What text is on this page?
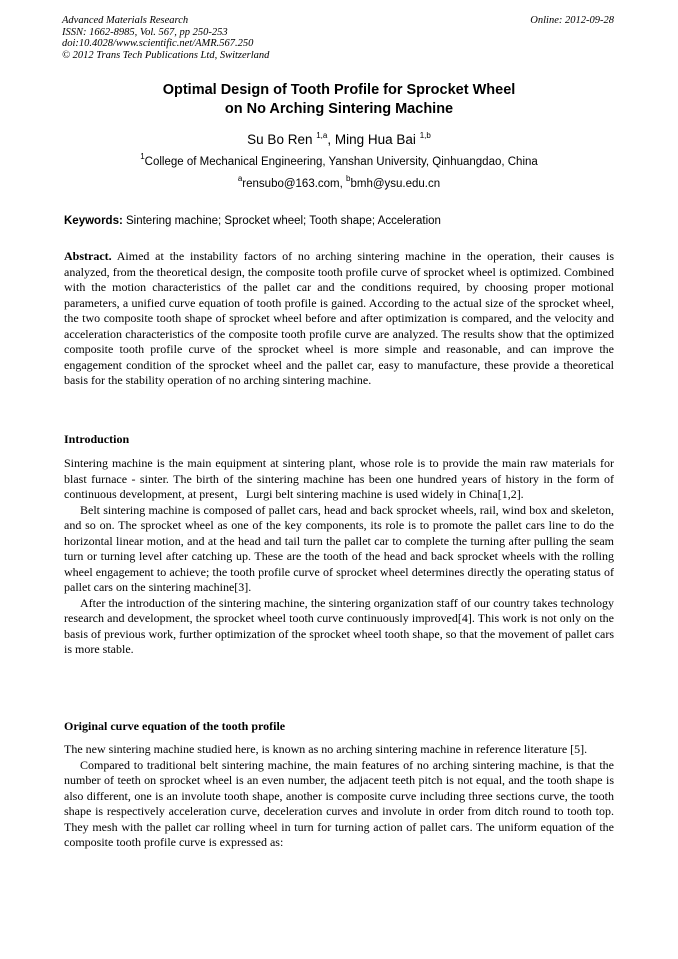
Advanced Materials Research
ISSN: 1662-8985, Vol. 567, pp 250-253
doi:10.4028/www.scientific.net/AMR.567.250
© 2012 Trans Tech Publications Ltd, Switzerland
Online: 2012-09-28
Optimal Design of Tooth Profile for Sprocket Wheel
on No Arching Sintering Machine
Su Bo Ren $^{1,a}$, Ming Hua Bai $^{1,b}$
$^1$College of Mechanical Engineering, Yanshan University, Qinhuangdao, China
$^a$rensubo@163.com, $^b$bmh@ysu.edu.cn
Keywords: Sintering machine; Sprocket wheel; Tooth shape; Acceleration
Abstract. Aimed at the instability factors of no arching sintering machine in the operation, their causes is analyzed, from the theoretical design, the composite tooth profile curve of sprocket wheel is optimized. Combined with the motion characteristics of the pallet car and the conditions required, by choosing proper motional parameters, a unified curve equation of tooth profile is gained. According to the actual size of the sprocket wheel, the two composite tooth shape of sprocket wheel before and after optimization is compared, and the velocity and acceleration characteristics of the composite tooth profile curve are analyzed. The results show that the optimized composite tooth profile curve of the sprocket wheel is more simple and reasonable, and can improve the engagement condition of the sprocket wheel and the pallet car, easy to manufacture, these provide a theoretical basis for the stability operation of no arching sintering machine.
Introduction

Sintering machine is the main equipment at sintering plant, whose role is to provide the main raw materials for blast furnace - sinter. The birth of the sintering machine has been one hundred years of history in the form of continuous development, at present，Lurgi belt sintering machine is used widely in China[1,2].

Belt sintering machine is composed of pallet cars, head and back sprocket wheels, rail, wind box and skeleton, and so on. The sprocket wheel as one of the key components, its role is to promote the pallet cars line to do the horizontal linear motion, and at the head and tail turn the pallet car to complete the turning after pulling the seam turn or turning level after catching up. These are the tooth of the head and back sprocket wheels with the rolling wheel engagement to achieve; the tooth profile curve of sprocket wheel determines directly the operating status of pallet cars on the sintering machine[3].

After the introduction of the sintering machine, the sintering organization staff of our country takes technology research and development, the sprocket wheel tooth curve continuously improved[4]. This work is not only on the basis of previous work, further optimization of the sprocket wheel tooth shape, so that the movement of pallet cars is more stable.

Original curve equation of the tooth profile

The new sintering machine studied here, is known as no arching sintering machine in reference literature [5].

Compared to traditional belt sintering machine, the main features of no arching sintering machine, is that the number of teeth on sprocket wheel is an even number, the adjacent teeth pitch is not equal, and the tooth shape is also different, one is an involute tooth shape, another is composite curve including three sections curve, the tooth shape is respectively acceleration curve, deceleration curves and involute in order from ditch round to tooth top. They mesh with the pallet car rolling wheel in turn for turning action of pallet cars. The uniform equation of the composite tooth profile curve is expressed as:
